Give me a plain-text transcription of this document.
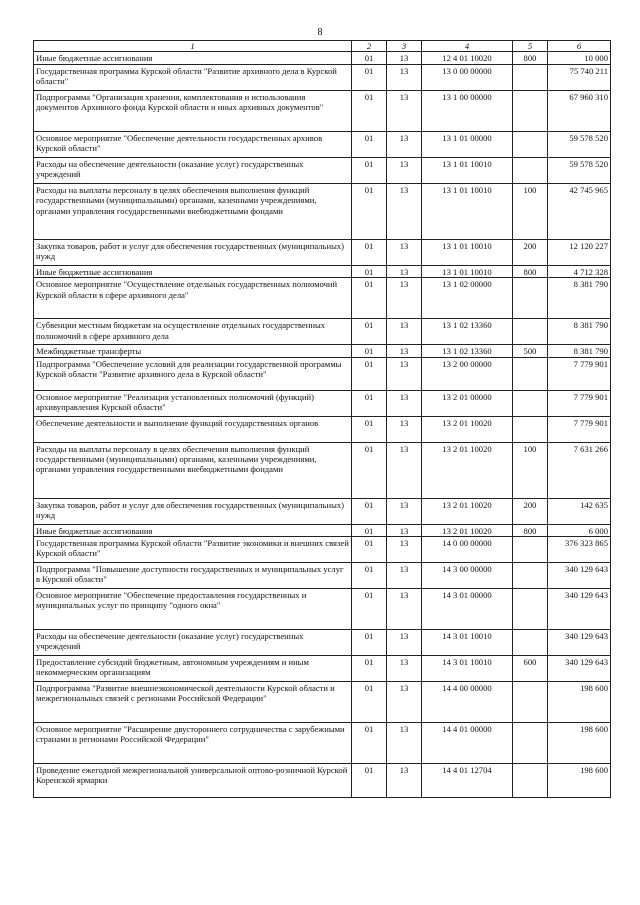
8
1	2	3	4	5	6
Иные бюджетные ассигнования	01	13	12 4 01 10020	800	10 000
Государственная программа Курской области "Развитие архивного дела в Курской области"	01	13	13 0 00 00000		75 740 211
Подпрограмма "Организация хранения, комплектования и использования документов Архивного фонда Курской области и иных архивных документов"	01	13	13 1 00 00000		67 960 310
Основное мероприятие "Обеспечение деятельности государственных архивов Курской области"	01	13	13 1 01 00000		59 578 520
Расходы на обеспечение деятельности (оказание услуг) государственных учреждений	01	13	13 1 01 10010		59 578 520
Расходы на выплаты персоналу в целях обеспечения выполнения функций государственными (муниципальными) органами, казенными учреждениями, органами управления государственными внебюджетными фондами	01	13	13 1 01 10010	100	42 745 965
Закупка товаров, работ и услуг для обеспечения государственных (муниципальных) нужд	01	13	13 1 01 10010	200	12 120 227
Иные бюджетные ассигнования	01	13	13 1 01 10010	800	4 712 328
Основное мероприятие "Осуществление отдельных государственных полномочий Курской области в сфере архивного дела"	01	13	13 1 02 00000		8 381 790
Субвенции местным бюджетам на осуществление отдельных государственных полномочий в сфере архивного дела	01	13	13 1 02 13360		8 381 790
Межбюджетные трансферты	01	13	13 1 02 13360	500	8 381 790
Подпрограмма "Обеспечение условий для реализации государственной программы Курской области "Развитие архивного дела в Курской области"	01	13	13 2 00 00000		7 779 901
Основное мероприятие "Реализация установленных полномочий (функций) архивуправления Курской области"	01	13	13 2 01 00000		7 779 901
Обеспечение деятельности и выполнение функций государственных органов	01	13	13 2 01 10020		7 779 901
Расходы на выплаты персоналу в целях обеспечения выполнения функций государственными (муниципальными) органами, казенными учреждениями, органами управления государственными внебюджетными фондами	01	13	13 2 01 10020	100	7 631 266
Закупка товаров, работ и услуг для обеспечения государственных (муниципальных) нужд	01	13	13 2 01 10020	200	142 635
Иные бюджетные ассигнования	01	13	13 2 01 10020	800	6 000
Государственная программа Курской области "Развитие экономики и внешних связей Курской области"	01	13	14 0 00 00000		376 323 865
Подпрограмма "Повышение доступности государственных и муниципальных услуг в Курской области"	01	13	14 3 00 00000		340 129 643
Основное мероприятие "Обеспечение предоставления государственных и муниципальных услуг по принципу "одного окна"	01	13	14 3 01 00000		340 129 643
Расходы на обеспечение деятельности (оказание услуг) государственных учреждений	01	13	14 3 01 10010		340 129 643
Предоставление субсидий бюджетным, автономным учреждениям и иным некоммерческим организациям	01	13	14 3 01 10010	600	340 129 643
Подпрограмма "Развитие внешнеэкономической деятельности Курской области и межрегиональных связей с регионами Российской Федерации"	01	13	14 4 00 00000		198 600
Основное мероприятие "Расширение двустороннего сотрудничества с зарубежными странами и регионами Российской Федерации"	01	13	14 4 01 00000		198 600
Проведение ежегодной межрегиональной универсальной оптово-розничной Курской Коренской ярмарки	01	13	14 4 01 12704		198 600
